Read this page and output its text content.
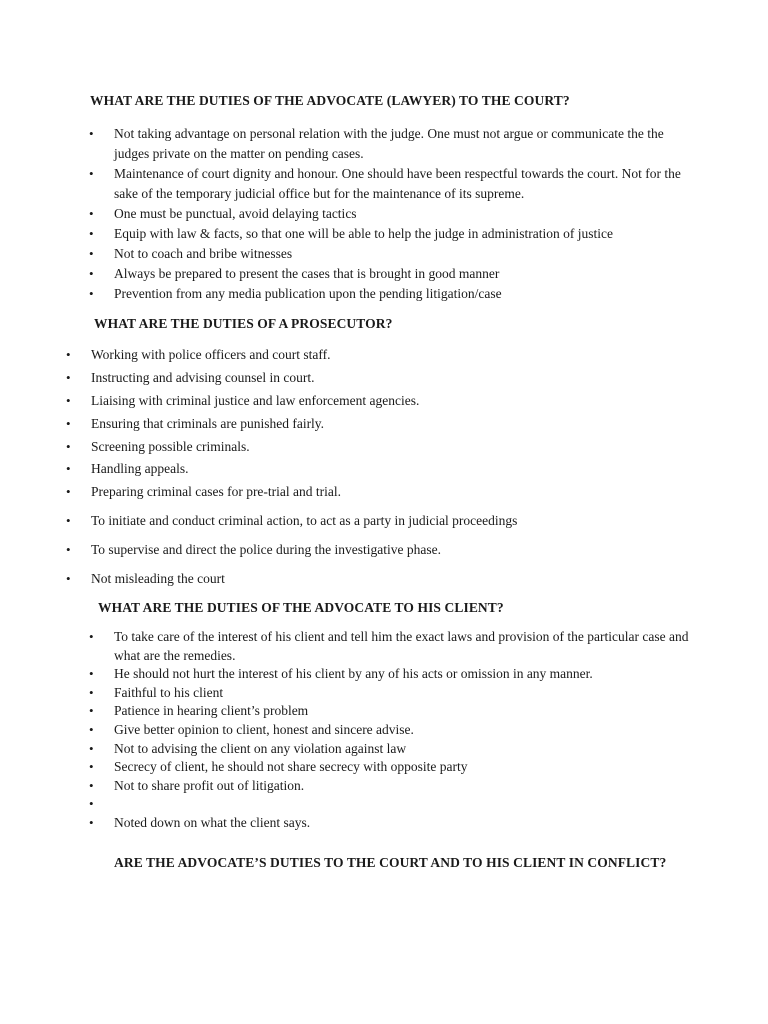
WHAT ARE THE DUTIES OF THE ADVOCATE (LAWYER) TO THE COURT?
• Not taking advantage on personal relation with the judge. One must not argue or communicate the the judges private on the matter on pending cases.
• Maintenance of court dignity and honour. One should have been respectful towards the court. Not for the sake of the temporary judicial office but for the maintenance of its supreme.
• One must be punctual, avoid delaying tactics
• Equip with law & facts, so that one will be able to help the judge in administration of justice
• Not to coach and bribe witnesses
• Always be prepared to present the cases that is brought in good manner
• Prevention from any media publication upon the pending litigation/case
WHAT ARE THE DUTIES OF A PROSECUTOR?
• Working with police officers and court staff.
• Instructing and advising counsel in court.
• Liaising with criminal justice and law enforcement agencies.
• Ensuring that criminals are punished fairly.
• Screening possible criminals.
• Handling appeals.
• Preparing criminal cases for pre-trial and trial.
• To initiate and conduct criminal action, to act as a party in judicial proceedings
• To supervise and direct the police during the investigative phase.
• Not misleading the court
WHAT ARE THE DUTIES OF THE ADVOCATE TO HIS CLIENT?
• To take care of the interest of his client and tell him the exact laws and provision of the particular case and what are the remedies.
• He should not hurt the interest of his client by any of his acts or omission in any manner.
• Faithful to his client
• Patience in hearing client’s problem
• Give better opinion to client, honest and sincere advise.
• Not to advising the client on any violation against law
• Secrecy of client, he should not share secrecy with opposite party
• Not to share profit out of litigation.
•
• Noted down on what the client says.
ARE THE ADVOCATE’S DUTIES TO THE COURT AND TO HIS CLIENT IN CONFLICT?
